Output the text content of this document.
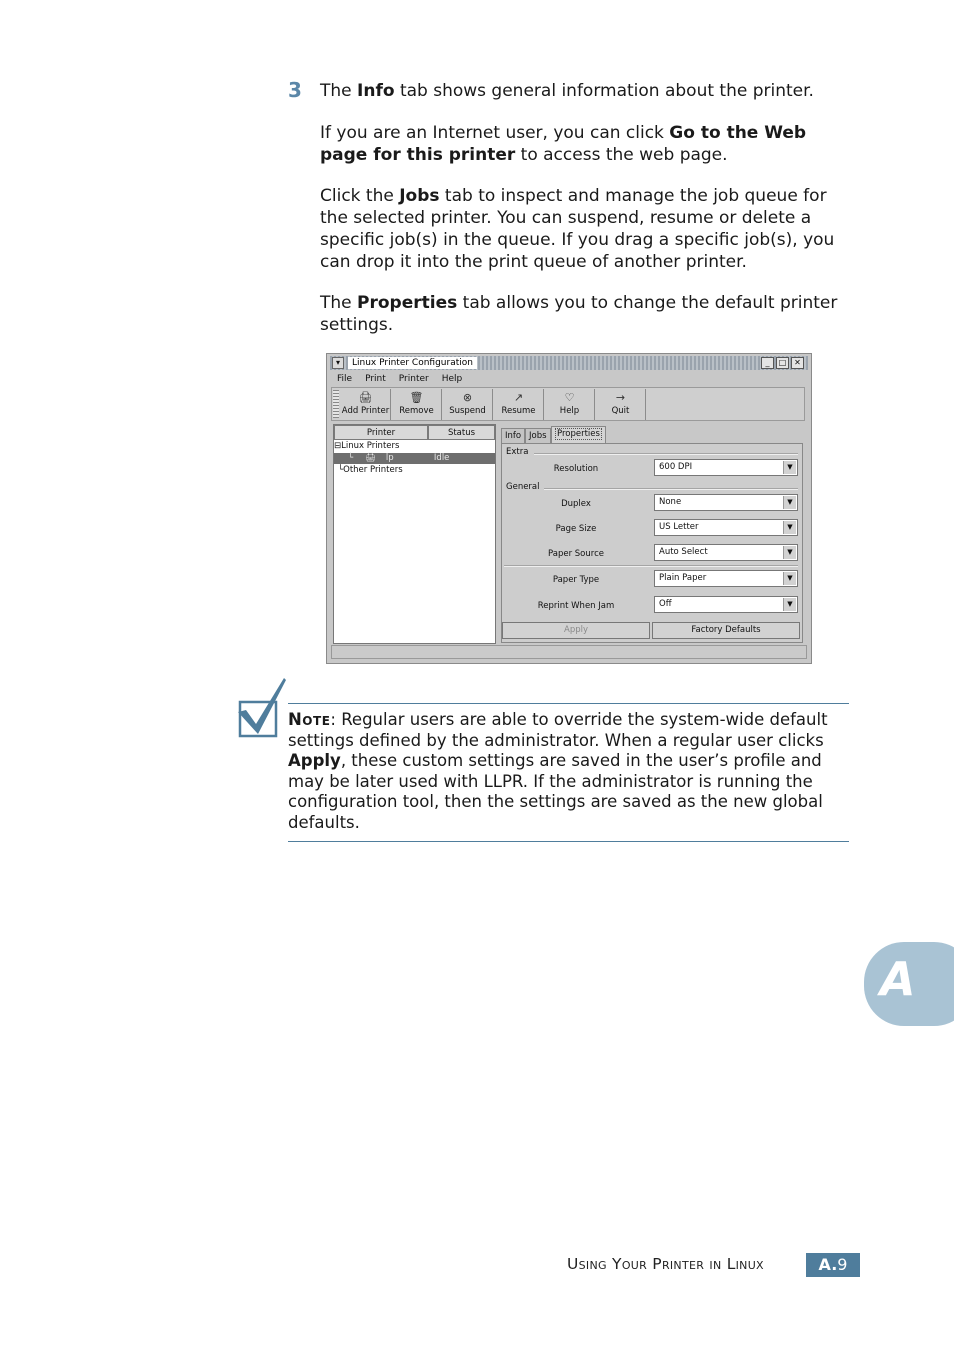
3 The Info tab shows general information about the printer.

If you are an Internet user, you can click Go to the Web page for this printer to access the web page.

Click the Jobs tab to inspect and manage the job queue for the selected printer. You can suspend, resume or delete a specific job(s) in the queue. If you drag a specific job(s), you can drop it into the print queue of another printer.

The Properties tab allows you to change the default printer settings.

▾	Linux Printer Configuration	_	□ ✕
File Print Printer Help
🖨
Add Printer
🗑
Remove
⊗
Suspend
↗
Resume
♡
Help
→
Quit
Printer	Status
⊟Linux Printers
└ 🖨 lp	Idle
└Other Printers
Info Jobs	Properties
Extra
Resolution	600 DPI	▼
General
Duplex	None	▼
Page Size	US Letter	▼
Paper Source	Auto Select	▼
Paper Type	Plain Paper	▼
Reprint When Jam	Off	▼
Apply	Factory Defaults

Note: Regular users are able to override the system-wide default settings defined by the administrator. When a regular user clicks Apply, these custom settings are saved in the user’s profile and may be later used with LLPR. If the administrator is running the configuration tool, then the settings are saved as the new global defaults.

A
Using Your Printer in Linux	A.9
